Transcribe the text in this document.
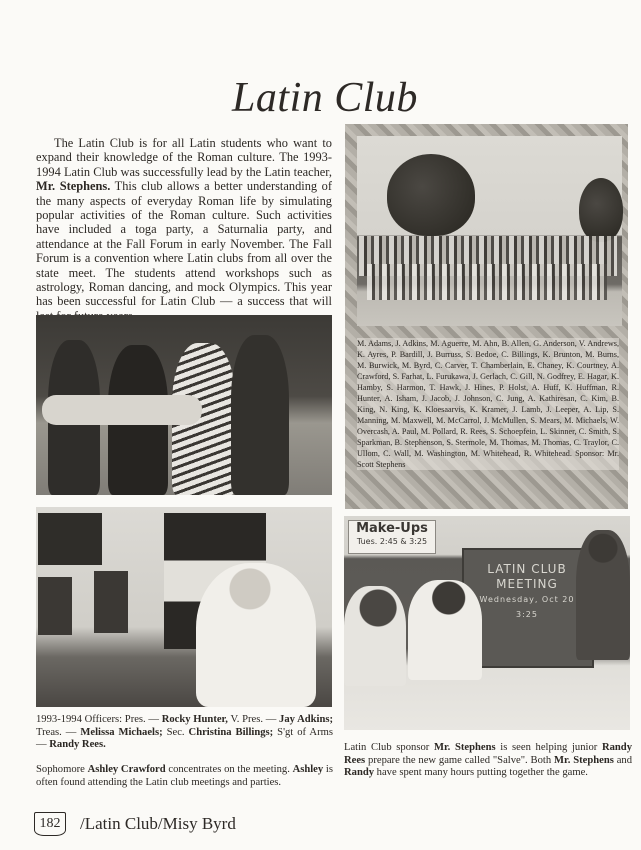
Latin Club
The Latin Club is for all Latin students who want to expand their knowledge of the Roman culture. The 1993-1994 Latin Club was successfully lead by the Latin teacher, Mr. Stephens. This club allows a better understanding of the many aspects of everyday Roman life by simulating popular activities of the Roman culture. Such activities have included a toga party, a Saturnalia party, and attendance at the Fall Forum in early November. The Fall Forum is a convention where Latin clubs from all over the state meet. The students attend workshops such as astrology, Roman dancing, and mock Olympics. This year has been successful for Latin Club — a success that will
M. Adams, J. Adkins, M. Aguerre, M. Ahn, B. Allen, G. Anderson, V. Andrews, K. Ayres, P. Bardill, J. Burruss, S. Bedoe, C. Billings, K. Brunton, M. Burns, M. Burwick, M. Byrd, C. Carver, T. Chamberlain, E. Chaney, K. Courtney, A. Crawford, S. Farhat, L. Furukawa, J. Gerlach, C. Gill, N. Godfrey, E. Hagar, K. Hamby, S. Harmon, T. Hawk, J. Hines, P. Holst, A. Huff, K. Huffman, R. Hunter, A. Isham, J. Jacob, J. Johnson, C. Jung, A. Kathiresan, C. Kim, B. King, N. King, K. Kloesaarvis, K. Kramer, J. Lamb, J. Leeper, A. Lip, S. Manning, M. Maxwell, M. McCarrol, J. McMullen, S. Mears, M. Michaels, W. Overcash, A. Paul, M. Pollard, R. Rees, S. Schoepfein, L. Skinner, C. Smith, S. Sparkman, B. Stephenson, S. Stermole, M. Thomas, M. Thomas, C. Traylor, C. Ullom, C. Wall, M. Washington, M. Whitehead, R. Whitehead. Sponsor: Mr. Scott Stephens
Make-Ups
Tues. 2:45 & 3:25
LATIN CLUB
MEETING
Wednesday, Oct 20
3:25
1993-1994 Officers: Pres. — Rocky Hunter, V. Pres. — Jay Adkins; Treas. — Melissa Michaels; Sec. Christina Billings; S'gt of Arms — Randy Rees.
Sophomore Ashley Crawford concentrates on the meeting. Ashley is often found attending the Latin club meetings and parties.
Latin Club sponsor Mr. Stephens is seen helping junior Randy Rees prepare the new game called "Salve". Both Mr. Stephens and Randy have spent many hours putting together the game.
182 /Latin Club/Misy Byrd
